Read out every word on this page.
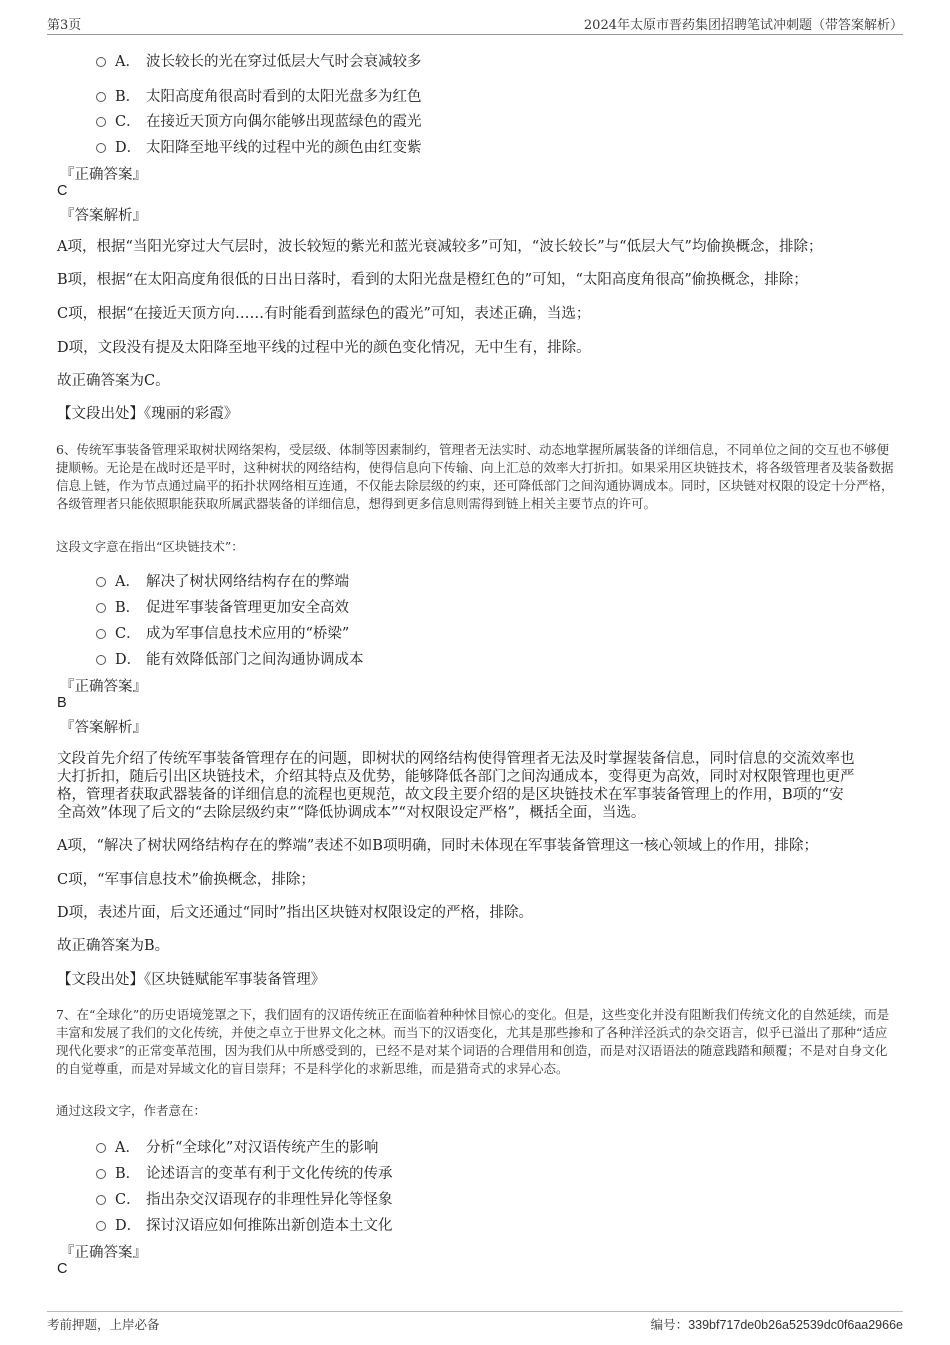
第3页	2024年太原市晋药集团招聘笔试冲刺题（带答案解析）
A． 波长较长的光在穿过低层大气时会衰减较多
B． 太阳高度角很高时看到的太阳光盘多为红色
C． 在接近天顶方向偶尔能够出现蓝绿色的霞光
D． 太阳降至地平线的过程中光的颜色由红变紫
『正确答案』
C
『答案解析』
A项，根据“当阳光穿过大气层时，波长较短的紫光和蓝光衰减较多”可知，“波长较长”与“低层大气”均偷换概念，排除；
B项，根据“在太阳高度角很低的日出日落时，看到的太阳光盘是橙红色的”可知，“太阳高度角很高”偷换概念，排除；
C项，根据“在接近天顶方向……有时能看到蓝绿色的霞光”可知，表述正确，当选；
D项，文段没有提及太阳降至地平线的过程中光的颜色变化情况，无中生有，排除。
故正确答案为C。
【文段出处】《瑰丽的彩霞》
6、传统军事装备管理采取树状网络架构，受层级、体制等因素制约，管理者无法实时、动态地掌握所属装备的详细信息，不同单位之间的交互也不够便捷顺畅。无论是在战时还是平时，这种树状的网络结构，使得信息向下传输、向上汇总的效率大打折扣。如果采用区块链技术，将各级管理者及装备数据信息上链，作为节点通过扁平的拓扑状网络相互连通，不仅能去除层级的约束，还可降低部门之间沟通协调成本。同时，区块链对权限的设定十分严格，各级管理者只能依照职能获取所属武器装备的详细信息，想得到更多信息则需得到链上相关主要节点的许可。
这段文字意在指出“区块链技术”：
A． 解决了树状网络结构存在的弊端
B． 促进军事装备管理更加安全高效
C． 成为军事信息技术应用的“桥梁”
D． 能有效降低部门之间沟通协调成本
『正确答案』
B
『答案解析』
文段首先介绍了传统军事装备管理存在的问题，即树状的网络结构使得管理者无法及时掌握装备信息，同时信息的交流效率也大打折扣，随后引出区块链技术，介绍其特点及优势，能够降低各部门之间沟通成本，变得更为高效，同时对权限管理也更严格，管理者获取武器装备的详细信息的流程也更规范，故文段主要介绍的是区块链技术在军事装备管理上的作用，B项的“安全高效”体现了后文的“去除层级约束”“降低协调成本”“对权限设定严格”，概括全面，当选。
A项，“解决了树状网络结构存在的弊端”表述不如B项明确，同时未体现在军事装备管理这一核心领域上的作用，排除；
C项，“军事信息技术”偷换概念，排除；
D项，表述片面，后文还通过“同时”指出区块链对权限设定的严格，排除。
故正确答案为B。
【文段出处】《区块链赋能军事装备管理》
7、在“全球化”的历史语境笼罩之下，我们固有的汉语传统正在面临着种种怵目惊心的变化。但是，这些变化并没有阻断我们传统文化的自然延续，而是丰富和发展了我们的文化传统，并使之卓立于世界文化之林。而当下的汉语变化，尤其是那些掺和了各种洋泾浜式的杂交语言，似乎已溢出了那种“适应现代化要求”的正常变革范围，因为我们从中所感受到的，已经不是对某个词语的合理借用和创造，而是对汉语语法的随意践踏和颠覆；不是对自身文化的自觉尊重，而是对异域文化的盲目崇拜；不是科学化的求新思维，而是猎奇式的求异心态。
通过这段文字，作者意在：
A． 分析“全球化”对汉语传统产生的影响
B． 论述语言的变革有利于文化传统的传承
C． 指出杂交汉语现存的非理性异化等怪象
D． 探讨汉语应如何推陈出新创造本土文化
『正确答案』
C
考前押题，上岸必备	编号：339bf717de0b26a52539dc0f6aa2966e
